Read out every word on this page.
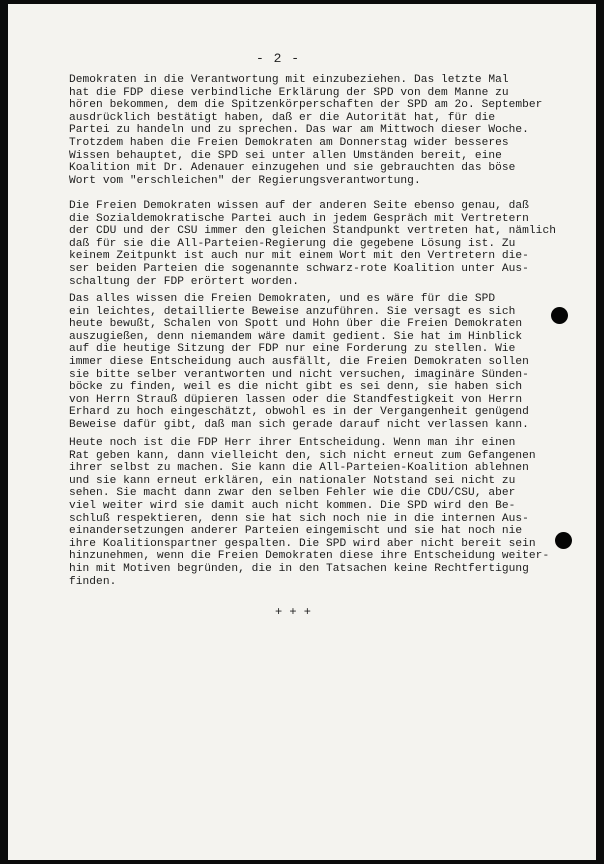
- 2 -
Demokraten in die Verantwortung mit einzubeziehen. Das letzte Mal
hat die FDP diese verbindliche Erklärung der SPD von dem Manne zu
hören bekommen, dem die Spitzenkörperschaften der SPD am 2o. September
ausdrücklich bestätigt haben, daß er die Autorität hat, für die
Partei zu handeln und zu sprechen. Das war am Mittwoch dieser Woche.
Trotzdem haben die Freien Demokraten am Donnerstag wider besseres
Wissen behauptet, die SPD sei unter allen Umständen bereit, eine
Koalition mit Dr. Adenauer einzugehen und sie gebrauchten das böse
Wort vom "erschleichen" der Regierungsverantwortung.
Die Freien Demokraten wissen auf der anderen Seite ebenso genau, daß
die Sozialdemokratische Partei auch in jedem Gespräch mit Vertretern
der CDU und der CSU immer den gleichen Standpunkt vertreten hat, nämlich
daß für sie die All-Parteien-Regierung die gegebene Lösung ist. Zu
keinem Zeitpunkt ist auch nur mit einem Wort mit den Vertretern die-
ser beiden Parteien die sogenannte schwarz-rote Koalition unter Aus-
schaltung der FDP erörtert worden.
Das alles wissen die Freien Demokraten, und es wäre für die SPD
ein leichtes, detaillierte Beweise anzuführen. Sie versagt es sich
heute bewußt, Schalen von Spott und Hohn über die Freien Demokraten
auszugießen, denn niemandem wäre damit gedient. Sie hat im Hinblick
auf die heutige Sitzung der FDP nur eine Forderung zu stellen. Wie
immer diese Entscheidung auch ausfällt, die Freien Demokraten sollen
sie bitte selber verantworten und nicht versuchen, imaginäre Sünden-
böcke zu finden, weil es die nicht gibt es sei denn, sie haben sich
von Herrn Strauß düpieren lassen oder die Standfestigkeit von Herrn
Erhard zu hoch eingeschätzt, obwohl es in der Vergangenheit genügend
Beweise dafür gibt, daß man sich gerade darauf nicht verlassen kann.
Heute noch ist die FDP Herr ihrer Entscheidung. Wenn man ihr einen
Rat geben kann, dann vielleicht den, sich nicht erneut zum Gefangenen
ihrer selbst zu machen. Sie kann die All-Parteien-Koalition ablehnen
und sie kann erneut erklären, ein nationaler Notstand sei nicht zu
sehen. Sie macht dann zwar den selben Fehler wie die CDU/CSU, aber
viel weiter wird sie damit auch nicht kommen. Die SPD wird den Be-
schluß respektieren, denn sie hat sich noch nie in die internen Aus-
einandersetzungen anderer Parteien eingemischt und sie hat noch nie
ihre Koalitionspartner gespalten. Die SPD wird aber nicht bereit sein
hinzunehmen, wenn die Freien Demokraten diese ihre Entscheidung weiter-
hin mit Motiven begründen, die in den Tatsachen keine Rechtfertigung
finden.
+ + +
